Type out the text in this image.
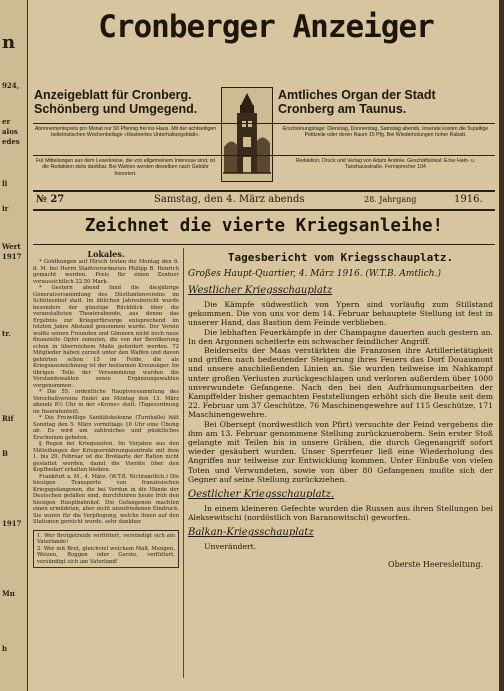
n
924,
er
alos
edes
ll
ir
Wert
1917
tr.
Rif
B
1917
Mn
h
Cronberger Anzeiger
Anzeigeblatt für Cronberg.
Schönberg und Umgegend.
Amtliches Organ der Stadt
Cronberg am Taunus.
Abonnementspreis pro Monat nur 50 Pfennig frei ins Haus. Mit der achtseitigen belletristischen Wochenbeilage »Illustriertes Unterhaltungsblatt«.
Erscheinungstage: Dienstag, Donnerstag, Samstag abends. Inserate kosten die 5spaltige Petitzeile oder deren Raum 15 Pfg. Bei Wiederholungen hoher Rabatt.
Für Mitteilungen aus dem Leserkreise, die von allgemeinem Interesse sind, ist die Redaktion stets dankbar. Bei Wahlen werden dieselben nach Gebühr honoriert.
Redaktion, Druck und Verlag von Adam Andrée. Geschäftslokal: Ecke Hain- u. Tanzhausstraße. Fernsprecher 104
№ 27	Samstag, den 4. März abends	28. Jahrgang	1916.
Zeichnet die vierte Kriegsanleihe!
Lokales.

* Goldhungen auf Hirsch traten die Montag den 6. d. M. bei Herrn Stadtverordneten Philipp B. Henrich gemacht werden. Preis für einen Zentner voraussichtlich 22.50 Mark.

* Gestern abend fand die diesjährige Generalversammlung des Dilettantenvereins im Schützenhof statt. Im üblichen Jahresbericht wurde besonders der günstige Rückblick über die veranstalteten Theaterabende, aus denen das Ergebnis zur Kriegerfürsorge entsprechend im letzten Jahre Abstand genommen wurde. Der Verein wollte seinen Freunden und Gönnern nicht noch neue finanzielle Opfer zumuten, die von der Bevölkerung schon in überreichem Maße gefordert werden. 72 Mitglieder haben zurzeit unter den Waffen und davon gehörten schon 15 im Felde, die als Kriegsauszeichnung ist der heilsamen Kreuzsäger. Im übrigen Teile der Versammlung wurden die Vorstandswahlen sowie Ergänzungswahlen vorgenommen.

* Die 55. ordentliche Hauptversammlung des Vorschußvereins findet am Montag den 13. März abends 8½ Uhr in der »Krone« statt. (Tagesordnung im Inseratenteil).

* Die Freiwillige Sanitätskolonne (Turnhalle) hält Sonntag den 5. März vormittags 10 Uhr eine Übung ab. Es wird um zahlreiches und pünktliches Erscheinen gebeten.

§ Regen bei Kriegszeiten. Im Vorjahre aus den Mitteilungen der Kriegsernährungszentrale mit dem 1. bis 29. Februar ist die Brotkarte der Ration nicht gestattet worden, damit die Vorräte über den Kopfbedarf erhalten bleiben.

Frankfurt a. M., 4. März. (W.T.B. Nichtamtlich.) Die hiesigen Transporte von französischen Kriegsgefangenen, die bei Verdun in die Hände der Deutschen gefallen sind, durchfuhren heute früh den hiesigen Hauptbahnhof. Die Gefangenen machten einen ermüdeten, aber nicht unzufriedenen Eindruck. Sie waren für die Verpflegung, welche ihnen auf den Stationen gereicht wurde, sehr dankbar.

1. Wer Brotgetreide verfüttert, versündigt sich am Vaterlande!

2. Wer mit Brot, gleichviel welchem Maß, Mengen, Weizen, Roggen oder Gerste, verfüttert, versündigt sich am Vaterland!

Tagesbericht vom Kriegsschauplatz.
Großes Haupt-Quartier, 4. März 1916. (W.T.B. Amtlich.)
Westlicher Kriegsschauplatz

Die Kämpfe südwestlich von Ypern sind vorläufig zum Stillstand gekommen. Die von uns vor dem 14. Februar behauptete Stellung ist fest in unserer Hand, das Bastion dem Feinde verblieben.

Die lebhaften Feuerkämpfe in der Champagne dauerten auch gestern an. In den Argonnen scheiterte ein schwacher feindlicher Angriff.

Beiderseits der Maas verstärkten die Franzosen ihre Artillerietätigkeit und griffen nach bedeutender Steigerung ihres Feuers das Dorf Douaumont und unsere anschließenden Linien an. Sie wurden teilweise im Nahkampf unter großen Verlusten zurückgeschlagen und verloren außerdem über 1000 unverwundete Gefangene. Nach den bei den Aufräumungsarbeiten der Kampffelder bisher gemachten Feststellungen erhöht sich die Beute seit dem 22. Februar um 37 Geschütze, 76 Maschinengewehre auf 115 Geschütze, 171 Maschinengewehre.

Bei Obersept (nordwestlich von Pfirt) versuchte der Feind vergebens die ihm am 13. Februar genommene Stellung zurückzuerobern. Sein erster Stoß gelangte mit Teilen bis in unsere Gräben, die durch Gegenangriff sofort wieder gesäubert wurden. Unser Sperrfeuer ließ eine Wiederholung des Angriffes nur teilweise zur Entwicklung kommen. Unter Einbuße von vielen Toten und Verwundeten, sowie von über 80 Gefangenen mußte sich der Gegner auf seine Stellung zurückziehen.

Oestlicher Kriegsschauplatz.

In einem kleineren Gefechte wurden die Russen aus ihren Stellungen bei Aleksewitschi (nordöstlich von Baranowitschi) geworfen.

Balkan-Kriegsschauplatz

Unverändert.

Oberste Heeresleitung.
